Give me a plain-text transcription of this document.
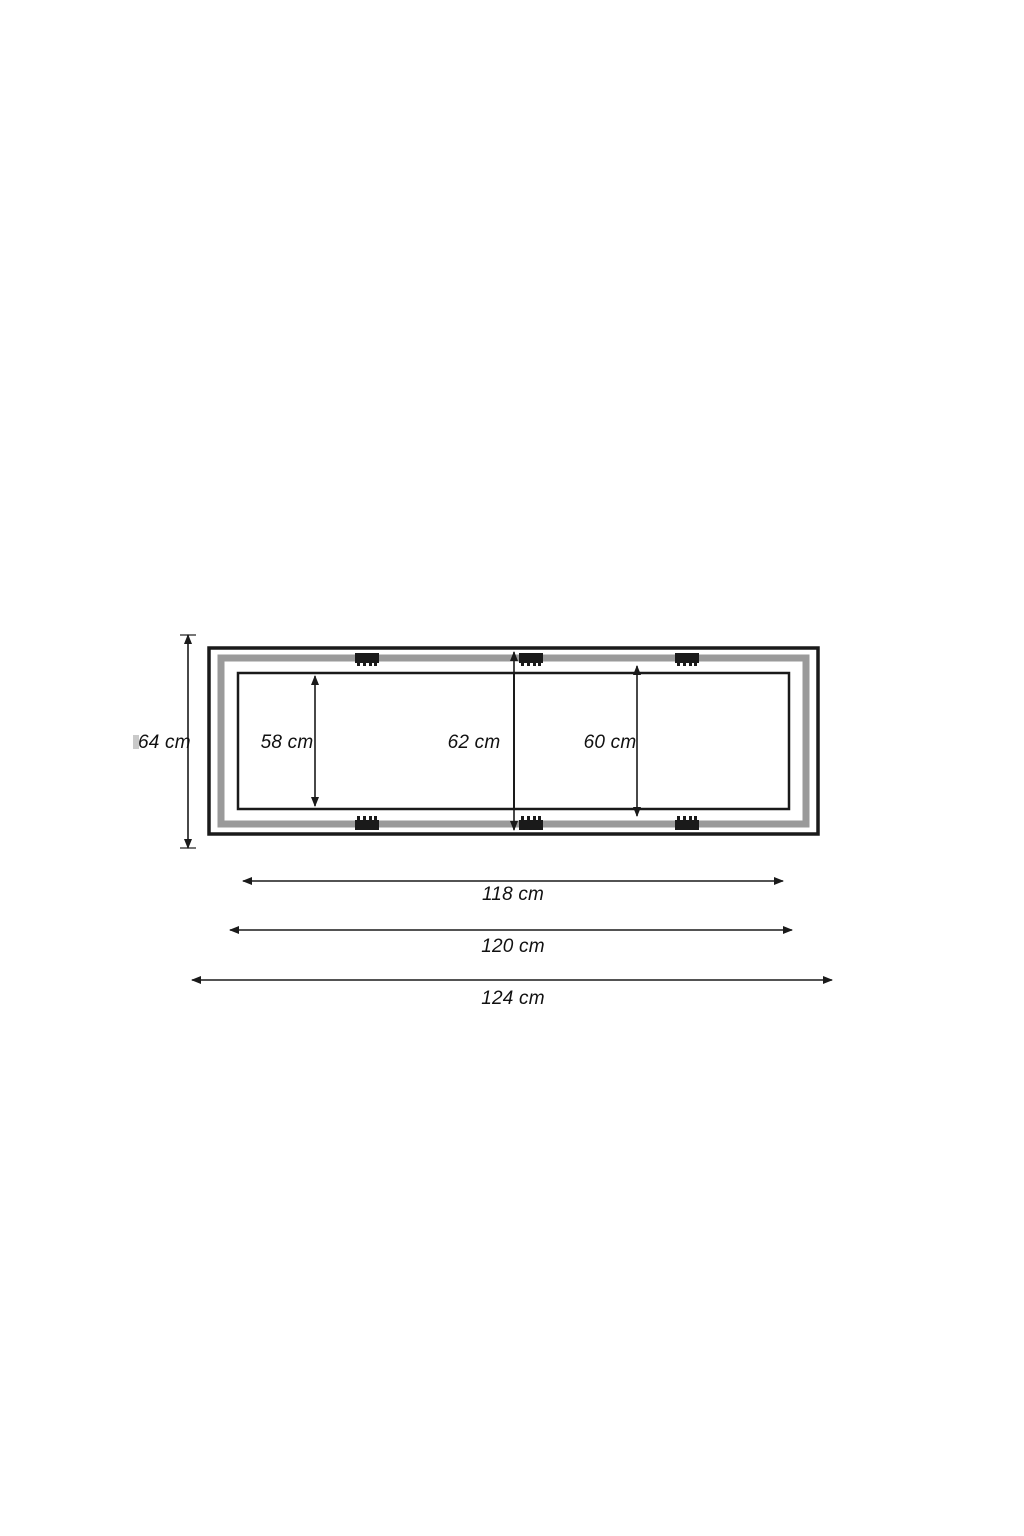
64 cm	58 cm	62 cm	60 cm
118 cm
120 cm
124 cm
